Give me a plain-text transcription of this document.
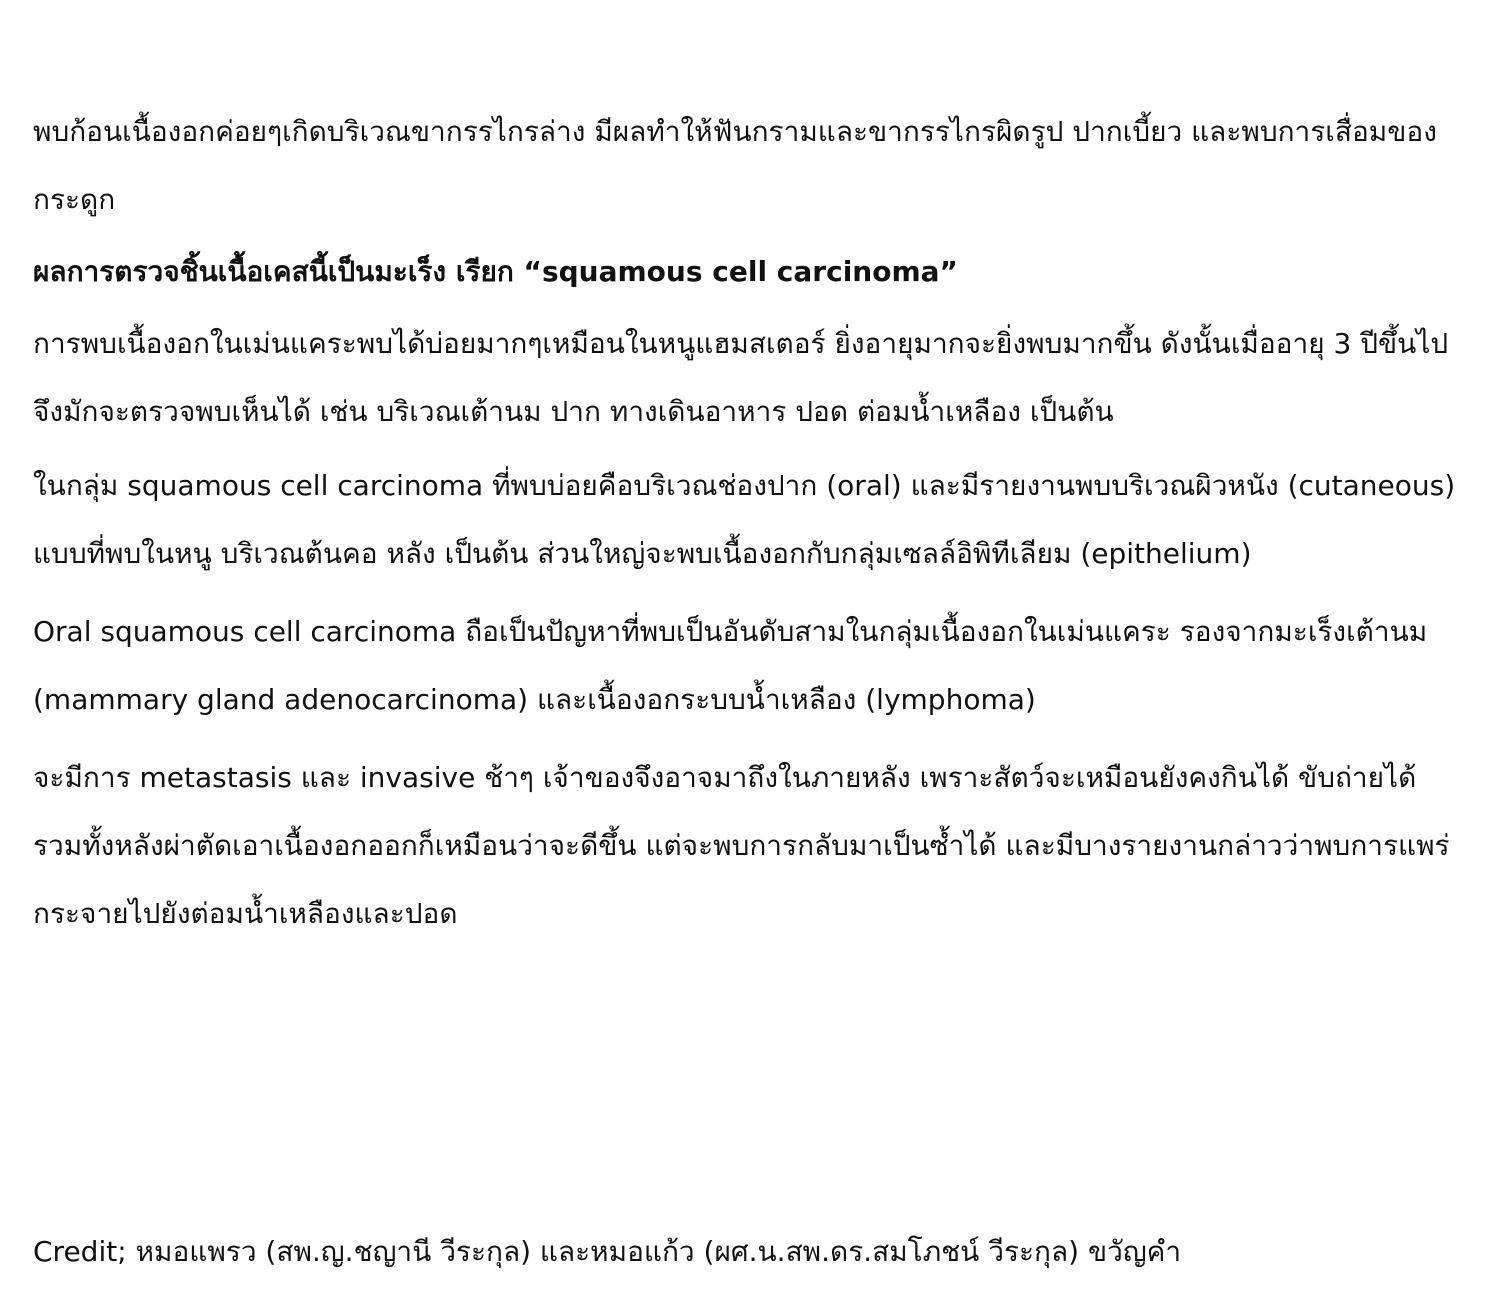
พบก้อนเนื้องอกค่อยๆเกิดบริเวณขากรรไกรล่าง มีผลทำให้ฟันกรามและขากรรไกรผิดรูป ปากเบี้ยว และพบการเสื่อมของกระดูก

ผลการตรวจชิ้นเนื้อเคสนี้เป็นมะเร็ง เรียก “squamous cell carcinoma”

การพบเนื้องอกในเม่นแคระพบได้บ่อยมากๆเหมือนในหนูแฮมสเตอร์ ยิ่งอายุมากจะยิ่งพบมากขึ้น ดังนั้นเมื่ออายุ 3 ปีขึ้นไปจึงมักจะตรวจพบเห็นได้ เช่น บริเวณเต้านม ปาก ทางเดินอาหาร ปอด ต่อมน้ำเหลือง เป็นต้น

ในกลุ่ม squamous cell carcinoma ที่พบบ่อยคือบริเวณช่องปาก (oral) และมีรายงานพบบริเวณผิวหนัง (cutaneous) แบบที่พบในหนู บริเวณต้นคอ หลัง เป็นต้น ส่วนใหญ่จะพบเนื้องอกกับกลุ่มเซลล์อิพิทีเลียม (epithelium)

Oral squamous cell carcinoma ถือเป็นปัญหาที่พบเป็นอันดับสามในกลุ่มเนื้องอกในเม่นแคระ รองจากมะเร็งเต้านม (mammary gland adenocarcinoma) และเนื้องอกระบบน้ำเหลือง (lymphoma)

จะมีการ metastasis และ invasive ช้าๆ เจ้าของจึงอาจมาถึงในภายหลัง เพราะสัตว์จะเหมือนยังคงกินได้ ขับถ่ายได้ รวมทั้งหลังผ่าตัดเอาเนื้องอกออกก็เหมือนว่าจะดีขึ้น แต่จะพบการกลับมาเป็นซ้ำได้ และมีบางรายงานกล่าวว่าพบการแพร่กระจายไปยังต่อมน้ำเหลืองและปอด

Credit; หมอแพรว (สพ.ญ.ชญานี วีระกุล) และหมอแก้ว (ผศ.น.สพ.ดร.สมโภชน์ วีระกุล) ขวัญคำ
